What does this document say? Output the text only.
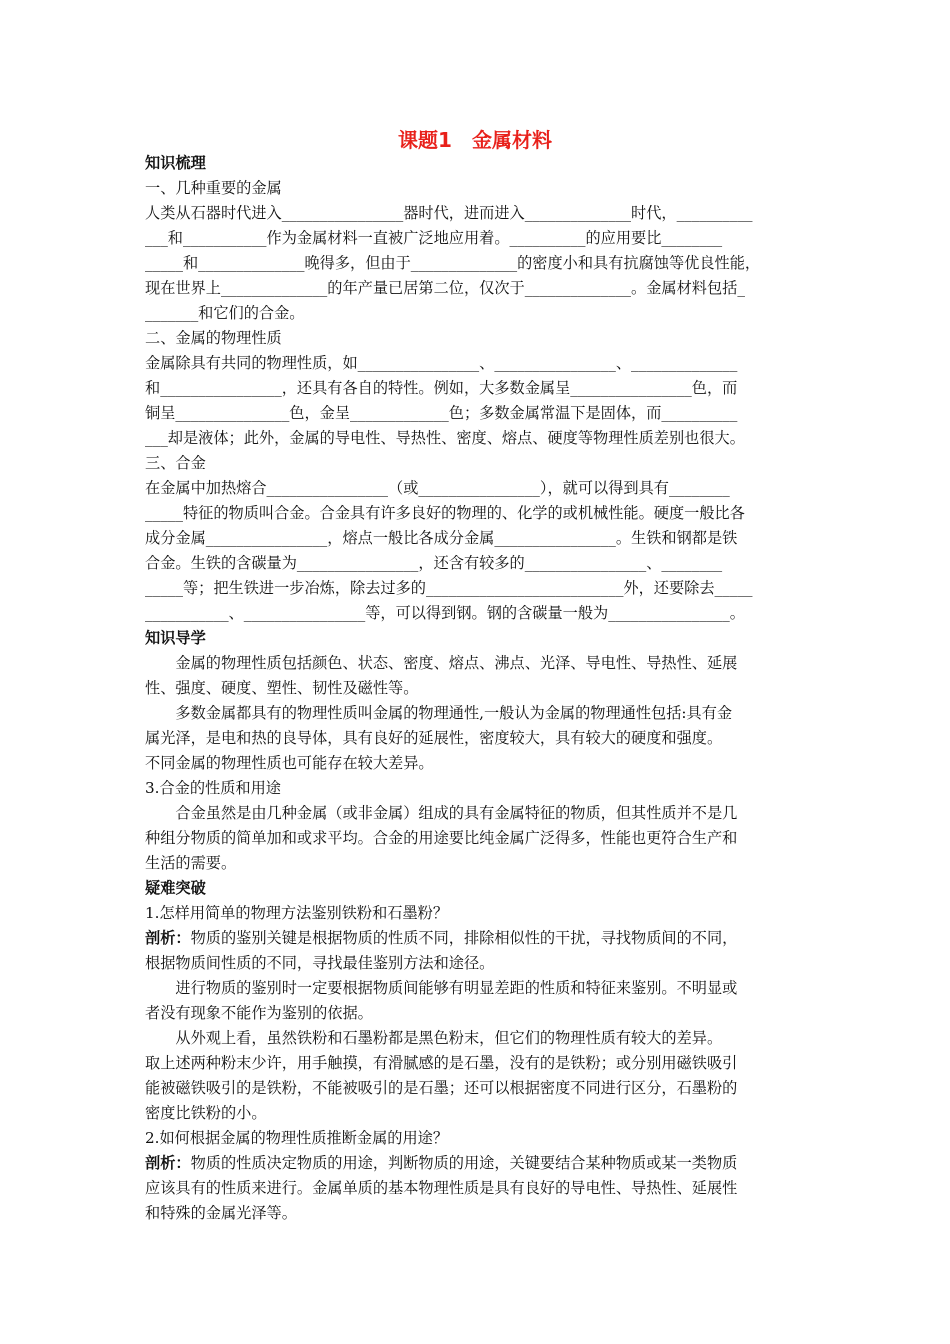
课题1　金属材料
知识梳理
一、几种重要的金属
人类从石器时代进入________________器时代，进而进入______________时代，__________
___和___________作为金属材料一直被广泛地应用着。__________的应用要比________
_____和______________晚得多，但由于______________的密度小和具有抗腐蚀等优良性能，
现在世界上______________的年产量已居第二位，仅次于______________。金属材料包括_
_______和它们的合金。
二、金属的物理性质
金属除具有共同的物理性质，如________________、________________、______________
和________________，还具有各自的特性。例如，大多数金属呈________________色，而
铜呈_______________色，金呈_____________色；多数金属常温下是固体，而__________
___却是液体；此外，金属的导电性、导热性、密度、熔点、硬度等物理性质差别也很大。
三、合金
在金属中加热熔合________________（或________________），就可以得到具有________
_____特征的物质叫合金。合金具有许多良好的物理的、化学的或机械性能。硬度一般比各
成分金属________________，熔点一般比各成分金属________________。生铁和钢都是铁
合金。生铁的含碳量为________________，还含有较多的________________、________
_____等；把生铁进一步冶炼，除去过多的__________________________外，还要除去_____
___________、________________等，可以得到钢。钢的含碳量一般为________________。
知识导学
　　金属的物理性质包括颜色、状态、密度、熔点、沸点、光泽、导电性、导热性、延展
性、强度、硬度、塑性、韧性及磁性等。
　　多数金属都具有的物理性质叫金属的物理通性,一般认为金属的物理通性包括:具有金
属光泽，是电和热的良导体，具有良好的延展性，密度较大，具有较大的硬度和强度。
不同金属的物理性质也可能存在较大差异。
3.合金的性质和用途
　　合金虽然是由几种金属（或非金属）组成的具有金属特征的物质，但其性质并不是几
种组分物质的简单加和或求平均。合金的用途要比纯金属广泛得多，性能也更符合生产和
生活的需要。
疑难突破
1.怎样用简单的物理方法鉴别铁粉和石墨粉？
剖析：物质的鉴别关键是根据物质的性质不同，排除相似性的干扰，寻找物质间的不同，
根据物质间性质的不同，寻找最佳鉴别方法和途径。
　　进行物质的鉴别时一定要根据物质间能够有明显差距的性质和特征来鉴别。不明显或
者没有现象不能作为鉴别的依据。
　　从外观上看，虽然铁粉和石墨粉都是黑色粉末，但它们的物理性质有较大的差异。
取上述两种粉末少许，用手触摸，有滑腻感的是石墨，没有的是铁粉；或分别用磁铁吸引
能被磁铁吸引的是铁粉，不能被吸引的是石墨；还可以根据密度不同进行区分，石墨粉的
密度比铁粉的小。
2.如何根据金属的物理性质推断金属的用途？
剖析：物质的性质决定物质的用途，判断物质的用途，关键要结合某种物质或某一类物质
应该具有的性质来进行。金属单质的基本物理性质是具有良好的导电性、导热性、延展性
和特殊的金属光泽等。
